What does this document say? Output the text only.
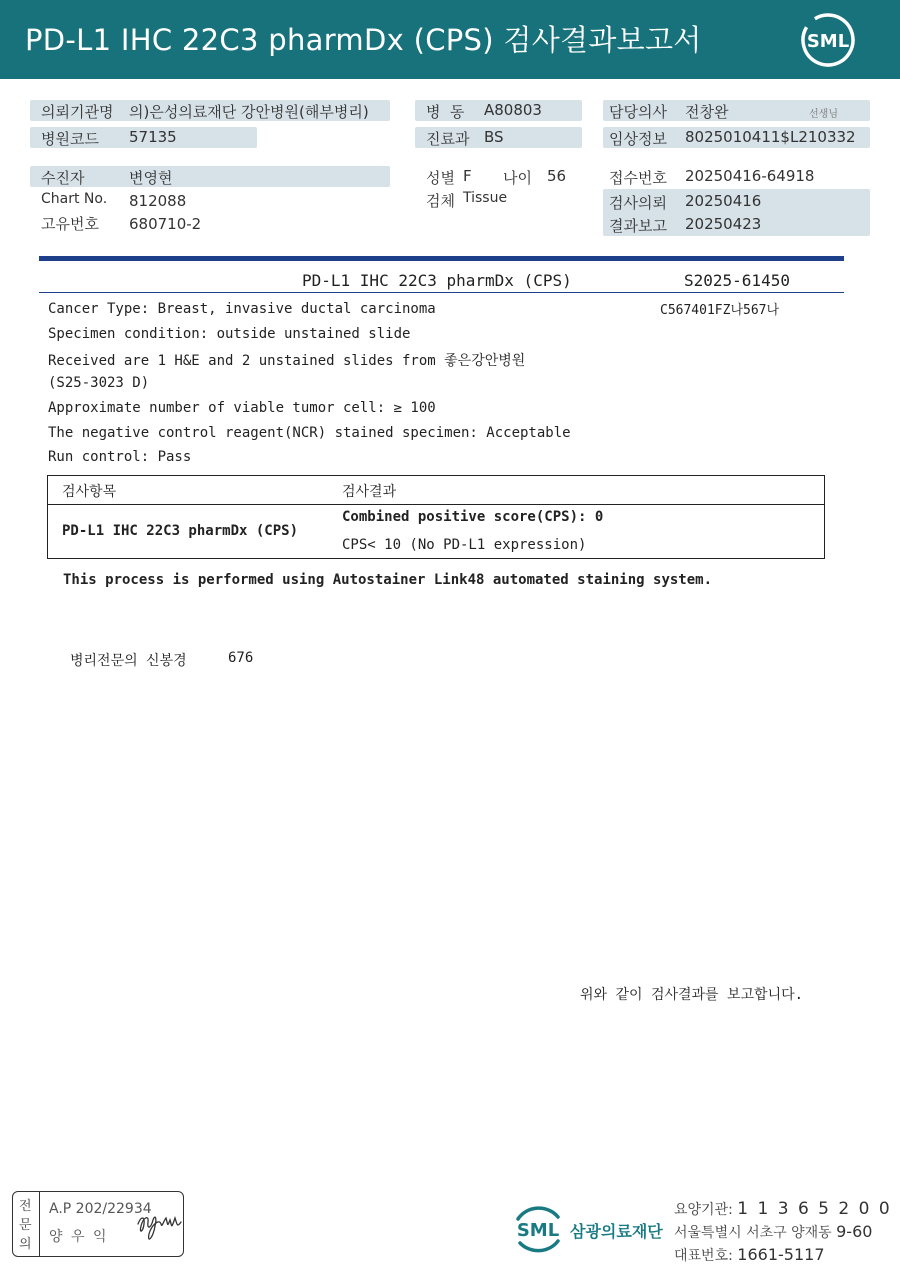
PD-L1 IHC 22C3 pharmDx (CPS) 검사결과보고서	SML
의뢰기관명 의)은성의료재단 강안병원(해부병리)
병원코드 57135
수진자	변영현
Chart No. 812088
고유번호 680710-2
병  동 A80803
진료과 BS
성별 F 나이 56
검체 Tissue
담당의사 전창완	선생님
임상정보 8025010411$L210332
접수번호 20250416-64918
검사의뢰 20250416
결과보고 20250423
PD-L1 IHC 22C3 pharmDx (CPS)	S2025-61450
C567401FZ나567나
Cancer Type: Breast, invasive ductal carcinoma
Specimen condition: outside unstained slide
Received are 1 H&E and 2 unstained slides from 좋은강안병원
(S25-3023 D)
Approximate number of viable tumor cell: ≥ 100
The negative control reagent(NCR) stained specimen: Acceptable
Run control: Pass
검사항목	검사결과
PD-L1 IHC 22C3 pharmDx (CPS)
Combined positive score(CPS): 0
CPS< 10 (No PD-L1 expression)
This process is performed using Autostainer Link48 automated staining system.
병리전문의 신봉경	676
위와 같이 검사결과를 보고합니다.
전
문
의
A.P 202/22934
양 우 익	SML 삼광의료재단
요양기관: 1 1 3 6 5 2 0 0
서울특별시 서초구 양재동 9-60
대표번호: 1661-5117
